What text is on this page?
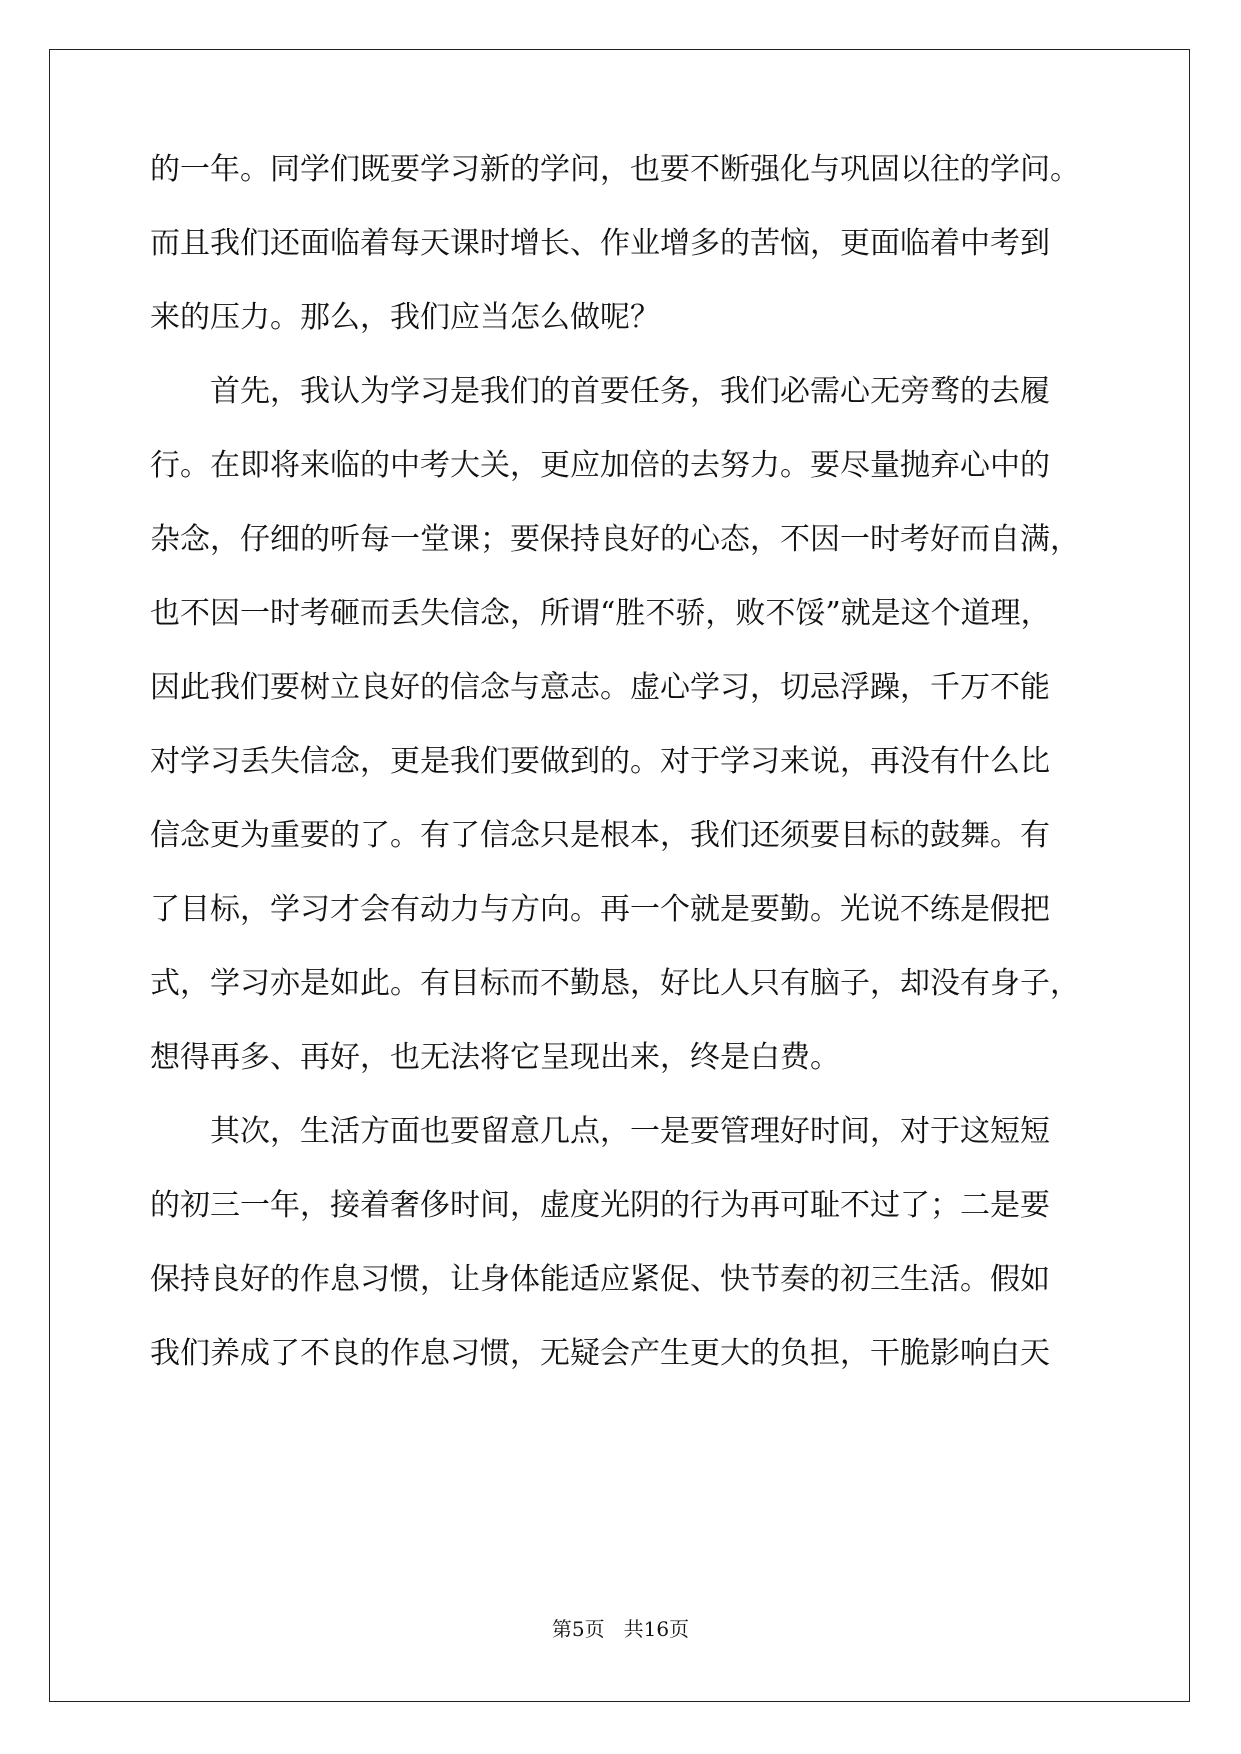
的一年。同学们既要学习新的学问，也要不断强化与巩固以往的学问。
而且我们还面临着每天课时增长、作业增多的苦恼，更面临着中考到
来的压力。那么，我们应当怎么做呢？
首先，我认为学习是我们的首要任务，我们必需心无旁骛的去履
行。在即将来临的中考大关，更应加倍的去努力。要尽量抛弃心中的
杂念，仔细的听每一堂课；要保持良好的心态，不因一时考好而自满，
也不因一时考砸而丢失信念，所谓“胜不骄，败不馁”就是这个道理，
因此我们要树立良好的信念与意志。虚心学习，切忌浮躁，千万不能
对学习丢失信念，更是我们要做到的。对于学习来说，再没有什么比
信念更为重要的了。有了信念只是根本，我们还须要目标的鼓舞。有
了目标，学习才会有动力与方向。再一个就是要勤。光说不练是假把
式，学习亦是如此。有目标而不勤恳，好比人只有脑子，却没有身子，
想得再多、再好，也无法将它呈现出来，终是白费。
其次，生活方面也要留意几点，一是要管理好时间，对于这短短
的初三一年，接着奢侈时间，虚度光阴的行为再可耻不过了；二是要
保持良好的作息习惯，让身体能适应紧促、快节奏的初三生活。假如
我们养成了不良的作息习惯，无疑会产生更大的负担，干脆影响白天
第5页   共16页
